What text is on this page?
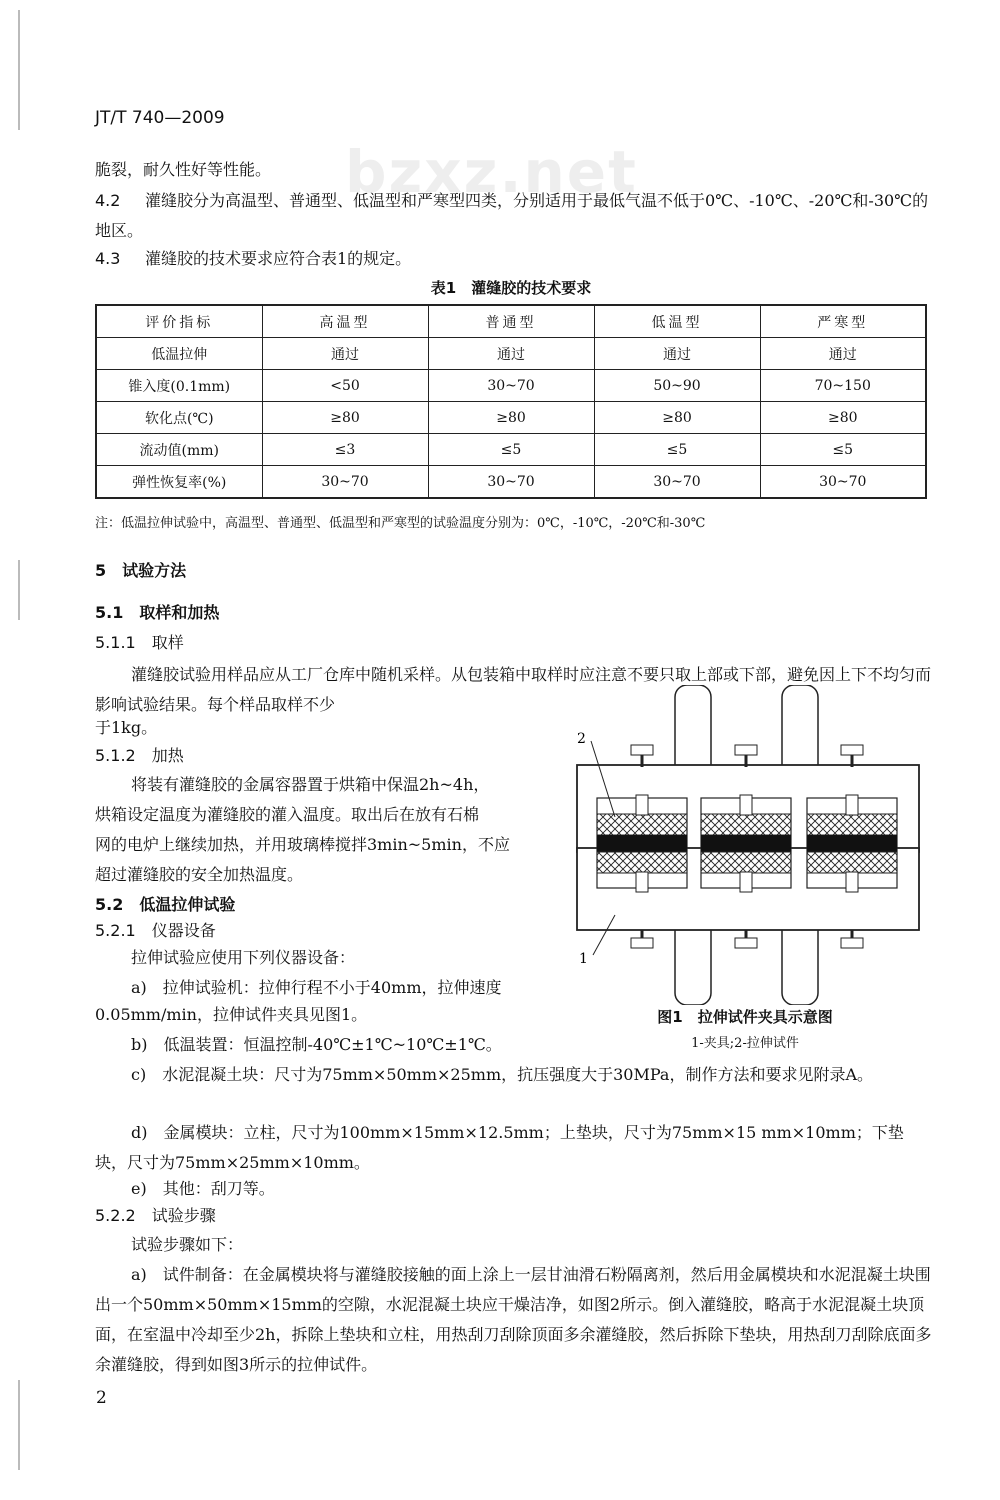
bzxz.net
JT/T 740—2009

脆裂，耐久性好等性能。

4.2 灌缝胶分为高温型、普通型、低温型和严寒型四类，分别适用于最低气温不低于0℃、-10℃、-20℃和-30℃的地区。

4.3 灌缝胶的技术要求应符合表1的规定。

表1　灌缝胶的技术要求
评价指标	高温型	普通型	低温型	严寒型
低温拉伸	通过	通过	通过	通过
锥入度(0.1mm)	<50	30~70	50~90	70~150
软化点(℃)	≥80	≥80	≥80	≥80
流动值(mm)	≤3	≤5	≤5	≤5
弹性恢复率(%)	30~70	30~70	30~70	30~70
注：低温拉伸试验中，高温型、普通型、低温型和严寒型的试验温度分别为：0℃，-10℃，-20℃和-30℃
5　试验方法
5.1　取样和加热
5.1.1　取样

灌缝胶试验用样品应从工厂仓库中随机采样。从包装箱中取样时应注意不要只取上部或下部，避免因上下不均匀而影响试验结果。每个样品取样不少

于1kg。

5.1.2　加热

将装有灌缝胶的金属容器置于烘箱中保温2h~4h，

烘箱设定温度为灌缝胶的灌入温度。取出后在放有石棉

网的电炉上继续加热，并用玻璃棒搅拌3min~5min，不应

超过灌缝胶的安全加热温度。

5.2　低温拉伸试验
5.2.1　仪器设备

拉伸试验应使用下列仪器设备：

a)　拉伸试验机：拉伸行程不小于40mm，拉伸速度

0.05mm/min，拉伸试件夹具见图1。

b)　低温装置：恒温控制-40℃±1℃~10℃±1℃。

c)　水泥混凝土块：尺寸为75mm×50mm×25mm，抗压强度大于30MPa，制作方法和要求见附录A。

d)　金属模块：立柱，尺寸为100mm×15mm×12.5mm；上垫块，尺寸为75mm×15 mm×10mm；下垫块，尺寸为75mm×25mm×10mm。

e)　其他：刮刀等。

5.2.2　试验步骤

试验步骤如下：

a)　试件制备：在金属模块将与灌缝胶接触的面上涂上一层甘油滑石粉隔离剂，然后用金属模块和水泥混凝土块围出一个50mm×50mm×15mm的空隙，水泥混凝土块应干燥洁净，如图2所示。倒入灌缝胶，略高于水泥混凝土块顶面，在室温中冷却至少2h，拆除上垫块和立柱，用热刮刀刮除顶面多余灌缝胶，然后拆除下垫块，用热刮刀刮除底面多余灌缝胶，得到如图3所示的拉伸试件。

2
1
图1　拉伸试件夹具示意图
1-夹具;2-拉伸试件
2
